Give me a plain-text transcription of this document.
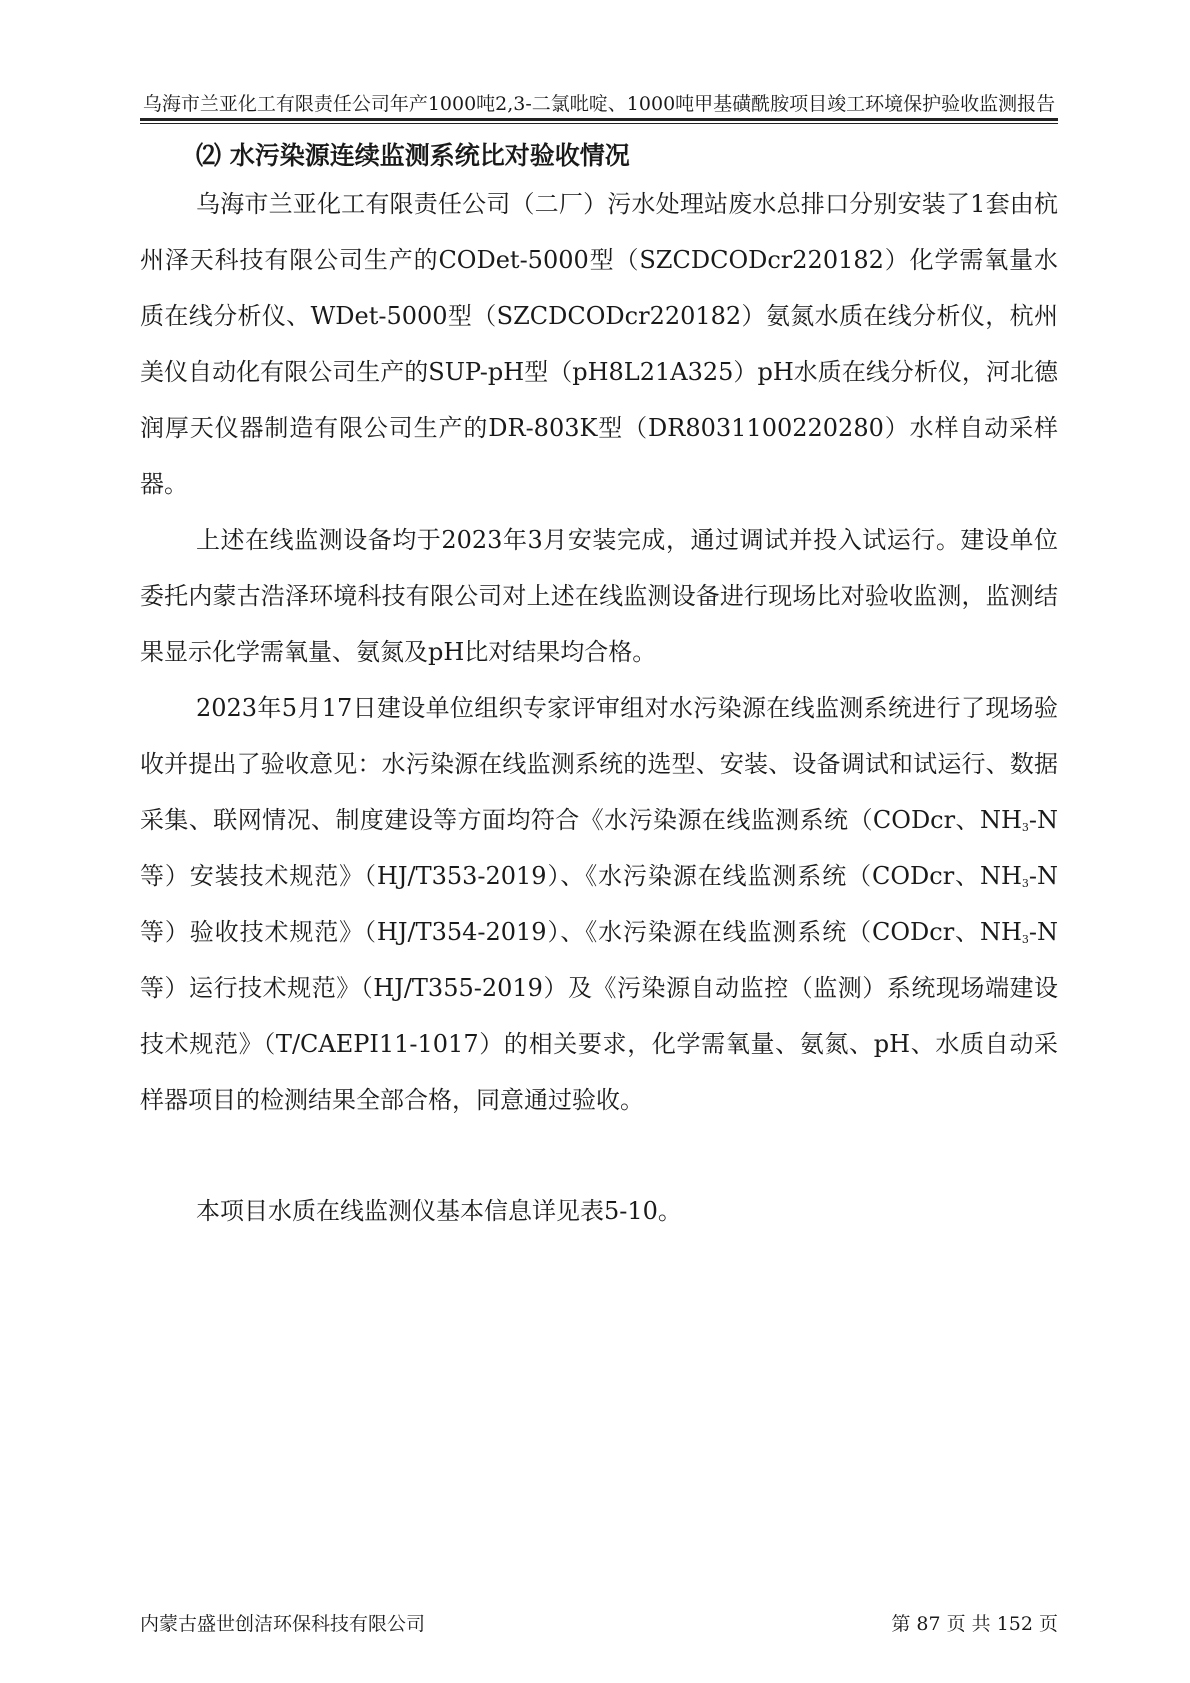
乌海市兰亚化工有限责任公司年产1000吨2,3-二氯吡啶、1000吨甲基磺酰胺项目竣工环境保护验收监测报告
⑵ 水污染源连续监测系统比对验收情况

乌海市兰亚化工有限责任公司（二厂）污水处理站废水总排口分别安装了1套由杭州泽天科技有限公司生产的CODet-5000型（SZCDCODcr220182）化学需氧量水质在线分析仪、WDet-5000型（SZCDCODcr220182）氨氮水质在线分析仪，杭州美仪自动化有限公司生产的SUP-pH型（pH8L21A325）pH水质在线分析仪，河北德润厚天仪器制造有限公司生产的DR-803K型（DR8031100220280）水样自动采样器。

上述在线监测设备均于2023年3月安装完成，通过调试并投入试运行。建设单位委托内蒙古浩泽环境科技有限公司对上述在线监测设备进行现场比对验收监测，监测结果显示化学需氧量、氨氮及pH比对结果均合格。

2023年5月17日建设单位组织专家评审组对水污染源在线监测系统进行了现场验收并提出了验收意见：水污染源在线监测系统的选型、安装、设备调试和试运行、数据采集、联网情况、制度建设等方面均符合《水污染源在线监测系统（CODcr、$NH_3-N$等）安装技术规范》（HJ/T353-2019）、《水污染源在线监测系统（CODcr、$NH_3-N$等）验收技术规范》（HJ/T354-2019）、《水污染源在线监测系统（CODcr、$NH_3-N$等）运行技术规范》（HJ/T355-2019）及《污染源自动监控（监测）系统现场端建设技术规范》（T/CAEPI11-1017）的相关要求，化学需氧量、氨氮、pH、水质自动采样器项目的检测结果全部合格，同意通过验收。

本项目水质在线监测仪基本信息详见表5-10。

内蒙古盛世创洁环保科技有限公司	第 87 页 共 152 页
